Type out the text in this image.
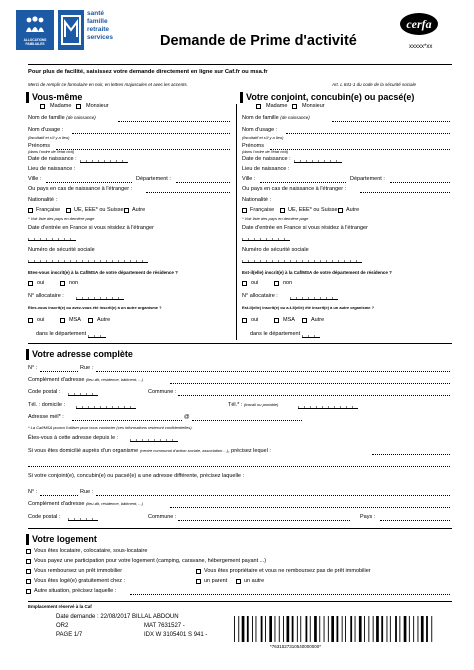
ALLOCATIONS FAMILIALES
santé
famille
retraite
services	Demande de Prime d'activité
cerfa
xxxxx*xx
Pour plus de facilité, saisissez votre demande directement en ligne sur Caf.fr ou msa.fr
Merci de remplir ce formulaire en noir, en lettres majuscules et avec les accents.	Art. L 841-1 du code de la sécurité sociale
Vous-même	Votre conjoint, concubin(e) ou pacsé(e)
Madame	Monsieur
Nom de famille (de naissance)
Nom d'usage :
(facultatif et s'il y a lieu)
Prénoms
(dans l'ordre de l'état civil)
Date de naissance :
Lieu de naissance :
Ville :	Département :
Ou pays en cas de naissance à l'étranger :
Nationalité :
Française	UE, EEE* ou Suisse Autre
* Voir liste des pays en dernière page
Date d'entrée en France si vous résidez à l'étranger
Numéro de sécurité sociale
Etes-vous inscrit(e) à la Caf/MSA de votre département de résidence ?
oui	non
N° allocataire :
Etes-vous inscrit(e) ou avez-vous été inscrit(e) à un autre organisme ?
oui	MSA	Autre
dans le département
Madame	Monsieur
Nom de famille (de naissance)
Nom d'usage :
(facultatif et s'il y a lieu)
Prénoms
(dans l'ordre de l'état civil)
Date de naissance :
Lieu de naissance :
Ville :	Département :
Ou pays en cas de naissance à l'étranger :
Nationalité :
Française	UE, EEE* ou Suisse Autre
* Voir liste des pays en dernière page
Date d'entrée en France si vous résidez à l'étranger
Numéro de sécurité sociale
Est-il(elle) inscrit(e) à la Caf/MSA de votre département de résidence ?
oui	non
N° allocataire :
Est-il(elle) inscrit(e) ou a-t-il(elle) été inscrit(e) à un autre organisme ?
oui	MSA	Autre
dans le département
Votre adresse complète
N° :	Rue :
Complément d'adresse (lieu-dit, résidence, bâtiment, ...)
Code postal :	Commune :
Tél. : domicile :	Tél.* : (travail ou portable)
Adresse mél* :	@
* La Caf/MSA pourra l'utiliser pour vous contacter (ces informations resteront confidentielles).
Êtes-vous à cette adresse depuis le :
Si vous êtes domicilié auprès d'un organisme (centre communal d'action sociale, association ...), précisez lequel :
Si votre conjoint(e), concubin(e) ou pacsé(e) a une adresse différente, précisez laquelle :
N° :	Rue :
Complément d'adresse (lieu-dit, résidence, bâtiment, ...)
Code postal :	Commune :	Pays :
Votre logement
Vous êtes locataire, colocataire, sous-locataire
Vous payez une participation pour votre logement (camping, caravane, hébergement payant ...)
Vous remboursez un prêt immobilier	Vous êtes propriétaire et vous ne remboursez pas de prêt immobilier
Vous êtes logé(e) gratuitement chez :	un parent	un autre
Autre situation, précisez laquelle :
Emplacement réservé à la Caf
Date demande : 22/08/2017 BILLAL ABDOUN
OR2	MAT 7631527 -
PAGE 1/7	IDX W 3105401 S 941 -
*7631527310540000000*
